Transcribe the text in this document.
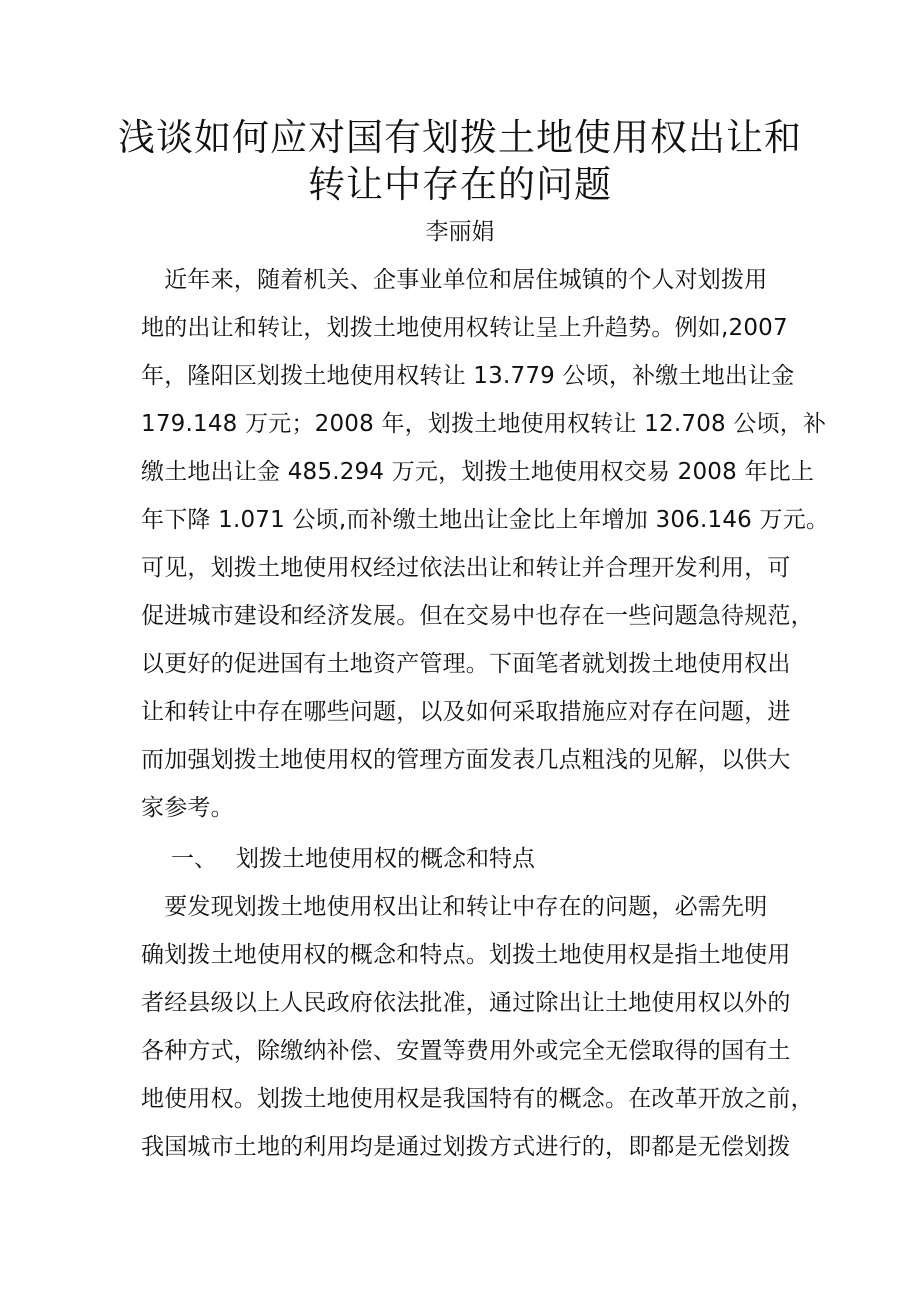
浅谈如何应对国有划拨土地使用权出让和
转让中存在的问题
李丽娟
　近年来，随着机关、企事业单位和居住城镇的个人对划拨用
地的出让和转让，划拨土地使用权转让呈上升趋势。例如,2007
年，隆阳区划拨土地使用权转让 13.779 公顷，补缴土地出让金
179.148 万元；2008 年，划拨土地使用权转让 12.708 公顷，补
缴土地出让金 485.294 万元，划拨土地使用权交易 2008 年比上
年下降 1.071 公顷,而补缴土地出让金比上年增加 306.146 万元。
可见，划拨土地使用权经过依法出让和转让并合理开发利用，可
促进城市建设和经济发展。但在交易中也存在一些问题急待规范，
以更好的促进国有土地资产管理。下面笔者就划拨土地使用权出
让和转让中存在哪些问题，以及如何采取措施应对存在问题，进
而加强划拨土地使用权的管理方面发表几点粗浅的见解，以供大
家参考。
一、 划拨土地使用权的概念和特点
　要发现划拨土地使用权出让和转让中存在的问题，必需先明
确划拨土地使用权的概念和特点。划拨土地使用权是指土地使用
者经县级以上人民政府依法批准，通过除出让土地使用权以外的
各种方式，除缴纳补偿、安置等费用外或完全无偿取得的国有土
地使用权。划拨土地使用权是我国特有的概念。在改革开放之前，
我国城市土地的利用均是通过划拨方式进行的，即都是无偿划拨
